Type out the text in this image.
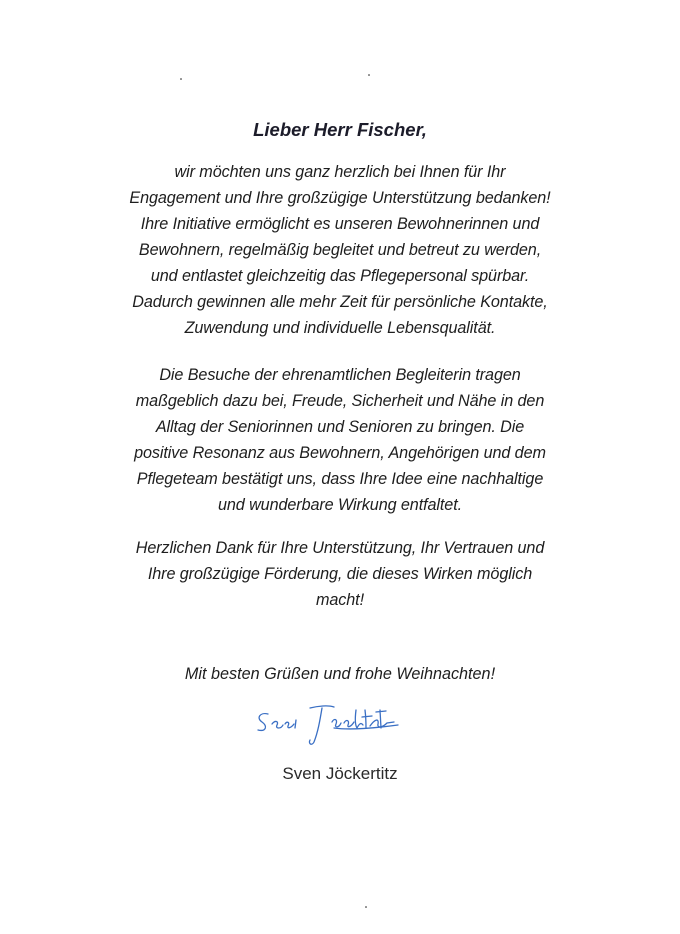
Lieber Herr Fischer,
wir möchten uns ganz herzlich bei Ihnen für Ihr
Engagement und Ihre großzügige Unterstützung bedanken!
Ihre Initiative ermöglicht es unseren Bewohnerinnen und
Bewohnern, regelmäßig begleitet und betreut zu werden,
und entlastet gleichzeitig das Pflegepersonal spürbar.
Dadurch gewinnen alle mehr Zeit für persönliche Kontakte,
Zuwendung und individuelle Lebensqualität.
Die Besuche der ehrenamtlichen Begleiterin tragen
maßgeblich dazu bei, Freude, Sicherheit und Nähe in den
Alltag der Seniorinnen und Senioren zu bringen. Die
positive Resonanz aus Bewohnern, Angehörigen und dem
Pflegeteam bestätigt uns, dass Ihre Idee eine nachhaltige
und wunderbare Wirkung entfaltet.
Herzlichen Dank für Ihre Unterstützung, Ihr Vertrauen und
Ihre großzügige Förderung, die dieses Wirken möglich
macht!
Mit besten Grüßen und frohe Weihnachten!
Sven Jöckertitz
